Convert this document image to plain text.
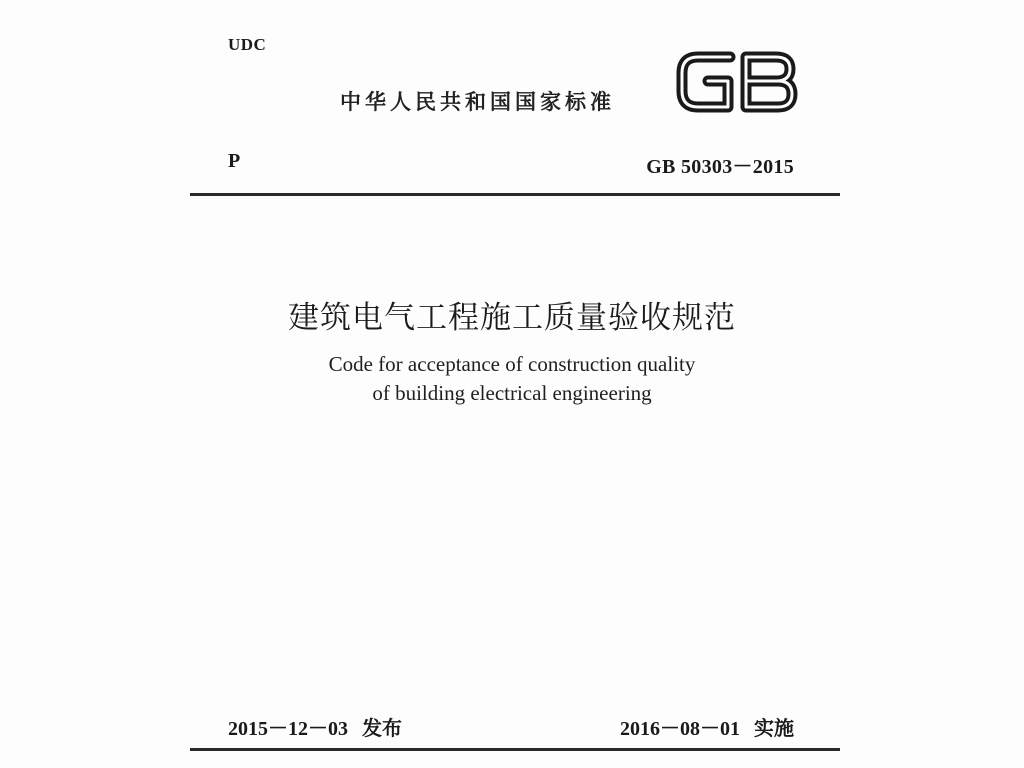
UDC
中华人民共和国国家标准
P	GB 50303－2015
建筑电气工程施工质量验收规范
Code for acceptance of construction quality
of building electrical engineering
2015－12－03 发布	2016－08－01 实施
